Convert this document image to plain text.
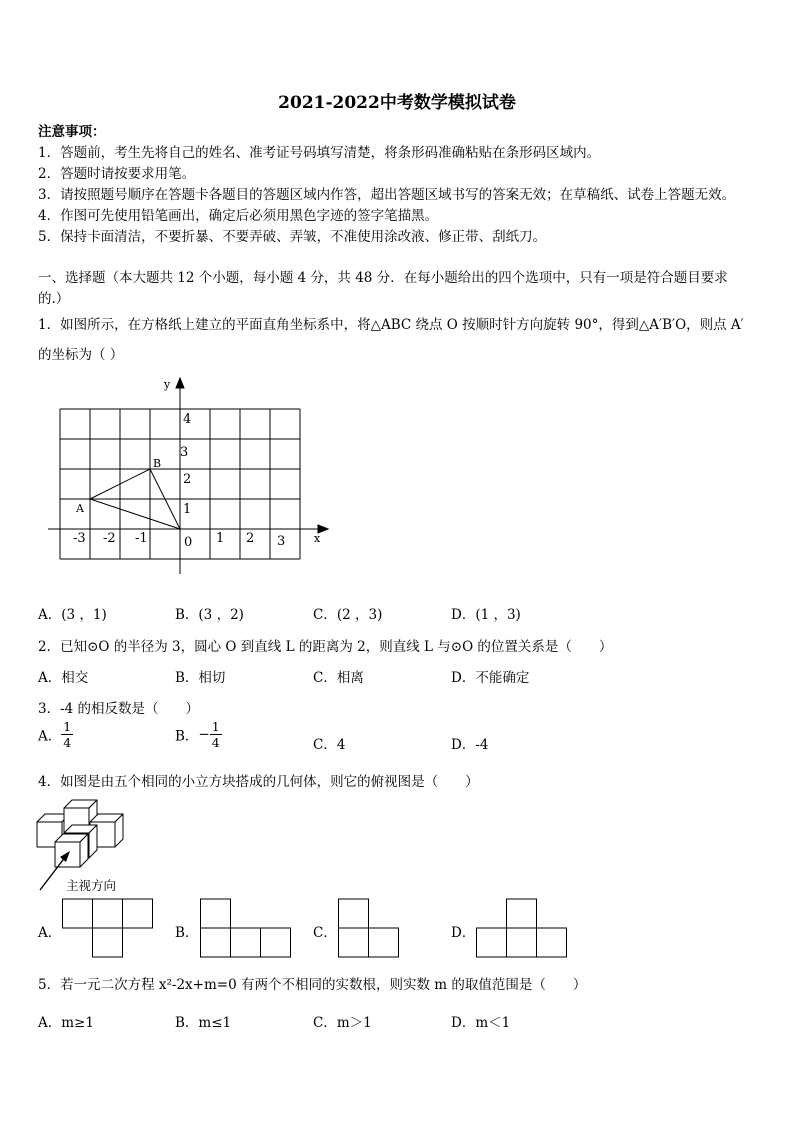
2021-2022中考数学模拟试卷
注意事项：
1．答题前，考生先将自己的姓名、准考证号码填写清楚，将条形码准确粘贴在条形码区域内。
2．答题时请按要求用笔。
3．请按照题号顺序在答题卡各题目的答题区域内作答，超出答题区域书写的答案无效；在草稿纸、试卷上答题无效。
4．作图可先使用铅笔画出，确定后必须用黑色字迹的签字笔描黑。
5．保持卡面清洁，不要折暴、不要弄破、弄皱，不准使用涂改液、修正带、刮纸刀。
一、选择题（本大题共 12 个小题，每小题 4 分，共 48 分．在每小题给出的四个选项中，只有一项是符合题目要求
的.）
1．如图所示，在方格纸上建立的平面直角坐标系中，将△ABC 绕点 O 按顺时针方向旋转 90°，得到△A′B′O，则点 A′
的坐标为（ ）
A
B
x
y
-3 -2 -1	0 1 2 3
1
2
3
4
A．(3 ，1)	B．(3 ，2)	C．(2 ，3)	D．(1 ，3)
2．已知⊙O 的半径为 3，圆心 O 到直线 L 的距离为 2，则直线 L 与⊙O 的位置关系是（　　）
A．相交	B．相切	C．相离	D．不能确定
3．-4 的相反数是（　　）
A． $\frac{1}{4}$	B．− $\frac{1}{4}$	C．4	D．-4
4．如图是由五个相同的小立方块搭成的几何体，则它的俯视图是（　　）
主视方向
A．	B．	C．	D．
5．若一元二次方程 x²-2x+m=0 有两个不相同的实数根，则实数 m 的取值范围是（　　）
A．m≥1	B．m≤1	C．m＞1	D．m＜1
